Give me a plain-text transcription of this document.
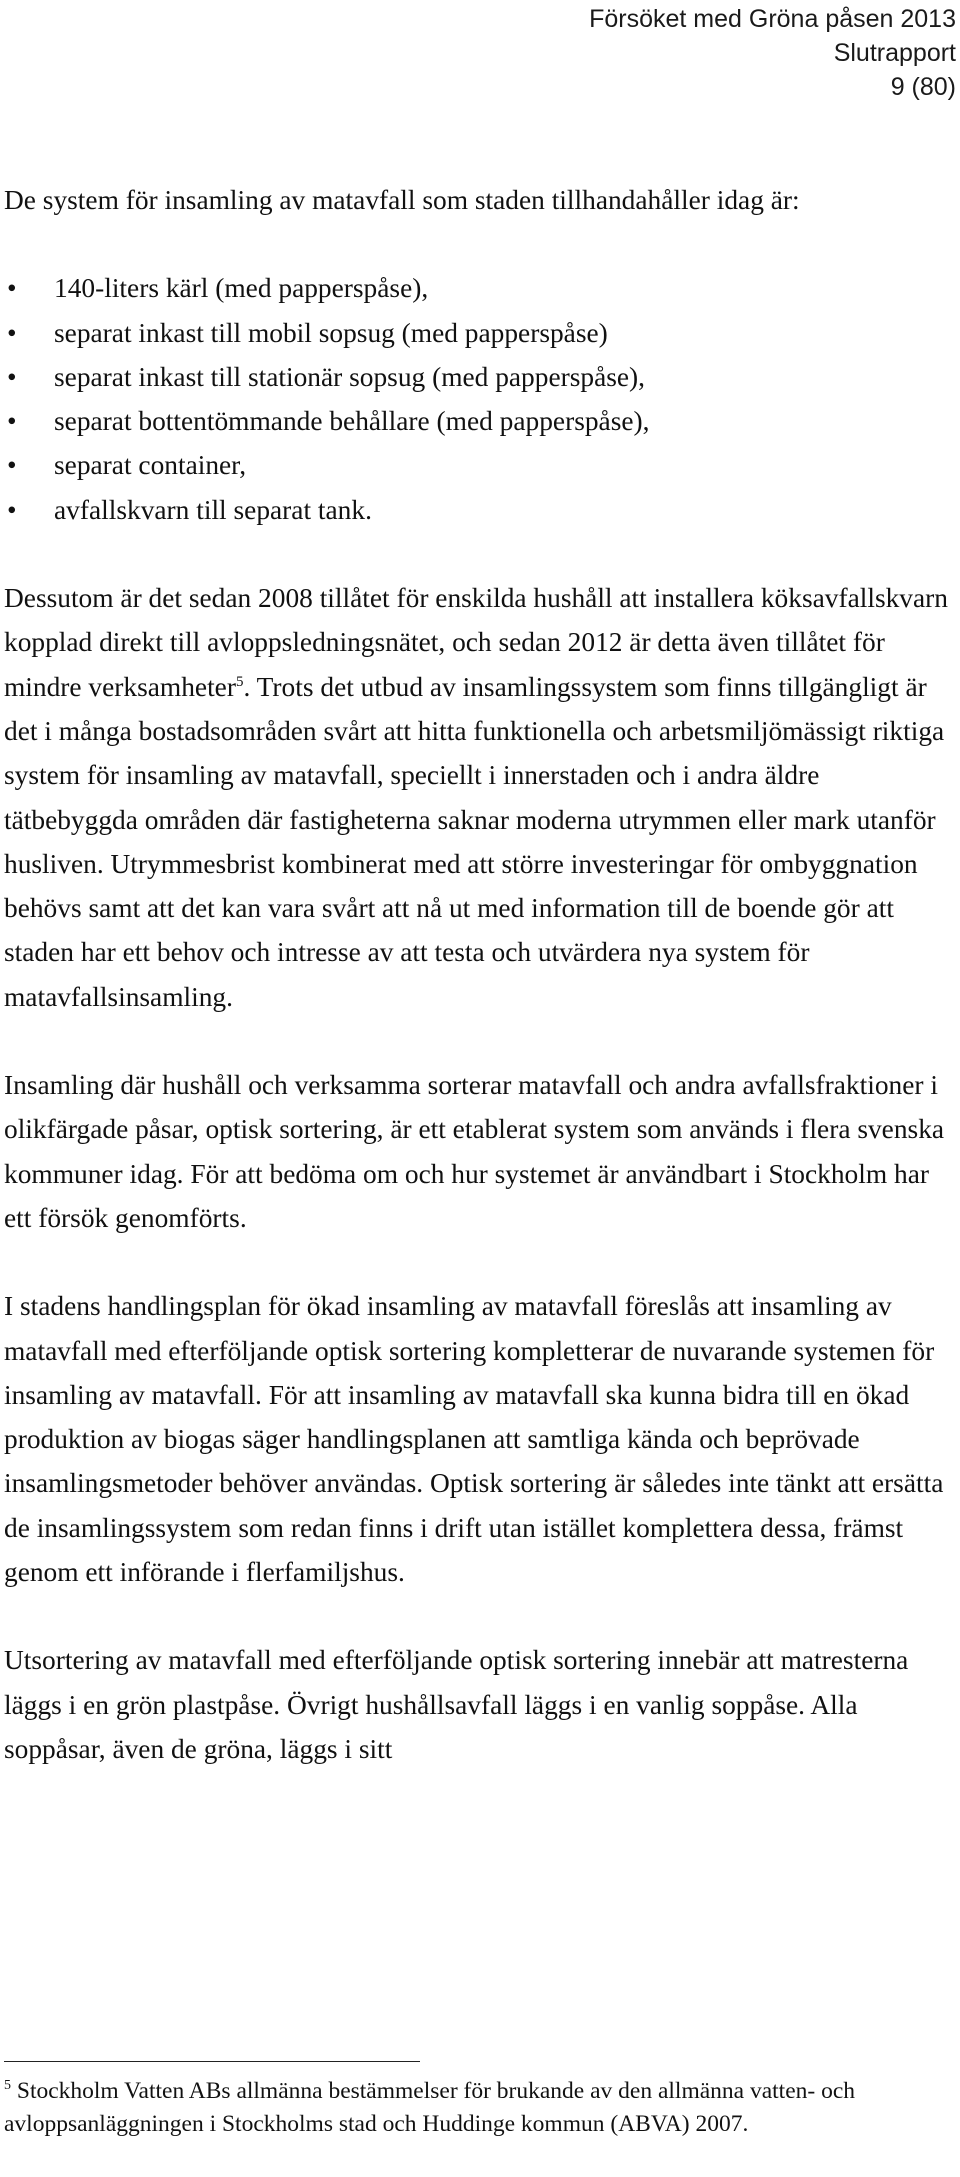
Försöket med Gröna påsen 2013
Slutrapport
9 (80)

De system för insamling av matavfall som staden tillhandahåller idag är:

• 140-liters kärl (med papperspåse),
• separat inkast till mobil sopsug (med papperspåse)
• separat inkast till stationär sopsug (med papperspåse),
• separat bottentömmande behållare (med papperspåse),
• separat container,
• avfallskvarn till separat tank.

Dessutom är det sedan 2008 tillåtet för enskilda hushåll att installera köksavfallskvarn kopplad direkt till avloppsledningsnätet, och sedan 2012 är detta även tillåtet för mindre verksamheter$^5$. Trots det utbud av insamlingssystem som finns tillgängligt är det i många bostadsområden svårt att hitta funktionella och arbetsmiljömässigt riktiga system för insamling av matavfall, speciellt i innerstaden och i andra äldre tätbebyggda områden där fastigheterna saknar moderna utrymmen eller mark utanför husliven. Utrymmesbrist kombinerat med att större investeringar för ombyggnation behövs samt att det kan vara svårt att nå ut med information till de boende gör att staden har ett behov och intresse av att testa och utvärdera nya system för matavfallsinsamling.

Insamling där hushåll och verksamma sorterar matavfall och andra avfallsfraktioner i olikfärgade påsar, optisk sortering, är ett etablerat system som används i flera svenska kommuner idag. För att bedöma om och hur systemet är användbart i Stockholm har ett försök genomförts.

I stadens handlingsplan för ökad insamling av matavfall föreslås att insamling av matavfall med efterföljande optisk sortering kompletterar de nuvarande systemen för insamling av matavfall. För att insamling av matavfall ska kunna bidra till en ökad produktion av biogas säger handlingsplanen att samtliga kända och beprövade insamlingsmetoder behöver användas. Optisk sortering är således inte tänkt att ersätta de insamlingssystem som redan finns i drift utan istället komplettera dessa, främst genom ett införande i flerfamiljshus.

Utsortering av matavfall med efterföljande optisk sortering innebär att matresterna läggs i en grön plastpåse. Övrigt hushållsavfall läggs i en vanlig soppåse. Alla soppåsar, även de gröna, läggs i sitt

$^5$ Stockholm Vatten ABs allmänna bestämmelser för brukande av den allmänna vatten- och avloppsanläggningen i Stockholms stad och Huddinge kommun (ABVA) 2007.
